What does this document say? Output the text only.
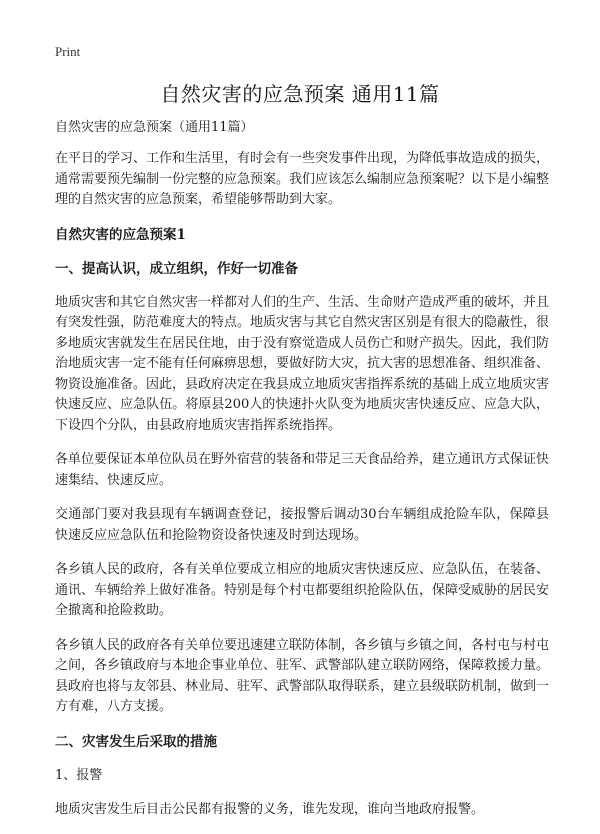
Print
自然灾害的应急预案 通用11篇
自然灾害的应急预案（通用11篇）

在平日的学习、工作和生活里，有时会有一些突发事件出现，为降低事故造成的损失，通常需要预先编制一份完整的应急预案。我们应该怎么编制应急预案呢？以下是小编整理的自然灾害的应急预案，希望能够帮助到大家。

自然灾害的应急预案1
一、提高认识，成立组织，作好一切准备

地质灾害和其它自然灾害一样都对人们的生产、生活、生命财产造成严重的破坏，并且有突发性强，防范难度大的特点。地质灾害与其它自然灾害区别是有很大的隐蔽性，很多地质灾害就发生在居民住地，由于没有察觉造成人员伤亡和财产损失。因此，我们防治地质灾害一定不能有任何麻痹思想，要做好防大灾，抗大害的思想准备、组织准备、物资设施准备。因此，县政府决定在我县成立地质灾害指挥系统的基础上成立地质灾害快速反应、应急队伍。将原县200人的快速扑火队变为地质灾害快速反应、应急大队，下设四个分队，由县政府地质灾害指挥系统指挥。

各单位要保证本单位队员在野外宿营的装备和带足三天食品给养，建立通讯方式保证快速集结、快速反应。

交通部门要对我县现有车辆调查登记，接报警后调动30台车辆组成抢险车队，保障县快速反应应急队伍和抢险物资设备快速及时到达现场。

各乡镇人民的政府，各有关单位要成立相应的地质灾害快速反应、应急队伍，在装备、通讯、车辆给养上做好准备。特别是每个村屯都要组织抢险队伍，保障受威胁的居民安全撤离和抢险救助。

各乡镇人民的政府各有关单位要迅速建立联防体制，各乡镇与乡镇之间，各村屯与村屯之间，各乡镇政府与本地企事业单位、驻军、武警部队建立联防网络，保障救援力量。县政府也将与友邻县、林业局、驻军、武警部队取得联系，建立县级联防机制，做到一方有难，八方支援。

二、灾害发生后采取的措施
1、报警

地质灾害发生后目击公民都有报警的义务，谁先发现，谁向当地政府报警。
